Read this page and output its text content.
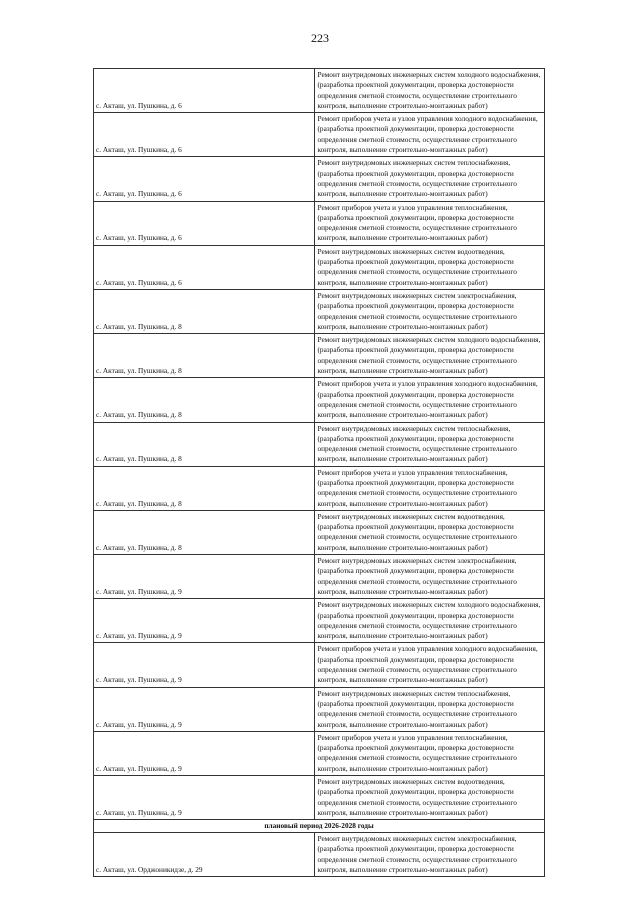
223
с. Акташ, ул. Пушкина, д. 6	Ремонт внутридомовых инженерных систем холодного водоснабжения, (разработка проектной документации, проверка достоверности определения сметной стоимости, осуществление строительного контроля, выполнение строительно-монтажных работ)
с. Акташ, ул. Пушкина, д. 6	Ремонт приборов учета и узлов управления холодного водоснабжения, (разработка проектной документации, проверка достоверности определения сметной стоимости, осуществление строительного контроля, выполнение строительно-монтажных работ)
с. Акташ, ул. Пушкина, д. 6	Ремонт внутридомовых инженерных систем теплоснабжения, (разработка проектной документации, проверка достоверности определения сметной стоимости, осуществление строительного контроля, выполнение строительно-монтажных работ)
с. Акташ, ул. Пушкина, д. 6	Ремонт приборов учета и узлов управления теплоснабжения, (разработка проектной документации, проверка достоверности определения сметной стоимости, осуществление строительного контроля, выполнение строительно-монтажных работ)
с. Акташ, ул. Пушкина, д. 6	Ремонт внутридомовых инженерных систем водоотведения, (разработка проектной документации, проверка достоверности определения сметной стоимости, осуществление строительного контроля, выполнение строительно-монтажных работ)
с. Акташ, ул. Пушкина, д. 8	Ремонт внутридомовых инженерных систем электроснабжения, (разработка проектной документации, проверка достоверности определения сметной стоимости, осуществление строительного контроля, выполнение строительно-монтажных работ)
с. Акташ, ул. Пушкина, д. 8	Ремонт внутридомовых инженерных систем холодного водоснабжения, (разработка проектной документации, проверка достоверности определения сметной стоимости, осуществление строительного контроля, выполнение строительно-монтажных работ)
с. Акташ, ул. Пушкина, д. 8	Ремонт приборов учета и узлов управления холодного водоснабжения, (разработка проектной документации, проверка достоверности определения сметной стоимости, осуществление строительного контроля, выполнение строительно-монтажных работ)
с. Акташ, ул. Пушкина, д. 8	Ремонт внутридомовых инженерных систем теплоснабжения, (разработка проектной документации, проверка достоверности определения сметной стоимости, осуществление строительного контроля, выполнение строительно-монтажных работ)
с. Акташ, ул. Пушкина, д. 8	Ремонт приборов учета и узлов управления теплоснабжения, (разработка проектной документации, проверка достоверности определения сметной стоимости, осуществление строительного контроля, выполнение строительно-монтажных работ)
с. Акташ, ул. Пушкина, д. 8	Ремонт внутридомовых инженерных систем водоотведения, (разработка проектной документации, проверка достоверности определения сметной стоимости, осуществление строительного контроля, выполнение строительно-монтажных работ)
с. Акташ, ул. Пушкина, д. 9	Ремонт внутридомовых инженерных систем электроснабжения, (разработка проектной документации, проверка достоверности определения сметной стоимости, осуществление строительного контроля, выполнение строительно-монтажных работ)
с. Акташ, ул. Пушкина, д. 9	Ремонт внутридомовых инженерных систем холодного водоснабжения, (разработка проектной документации, проверка достоверности определения сметной стоимости, осуществление строительного контроля, выполнение строительно-монтажных работ)
с. Акташ, ул. Пушкина, д. 9	Ремонт приборов учета и узлов управления холодного водоснабжения, (разработка проектной документации, проверка достоверности определения сметной стоимости, осуществление строительного контроля, выполнение строительно-монтажных работ)
с. Акташ, ул. Пушкина, д. 9	Ремонт внутридомовых инженерных систем теплоснабжения, (разработка проектной документации, проверка достоверности определения сметной стоимости, осуществление строительного контроля, выполнение строительно-монтажных работ)
с. Акташ, ул. Пушкина, д. 9	Ремонт приборов учета и узлов управления теплоснабжения, (разработка проектной документации, проверка достоверности определения сметной стоимости, осуществление строительного контроля, выполнение строительно-монтажных работ)
с. Акташ, ул. Пушкина, д. 9	Ремонт внутридомовых инженерных систем водоотведения, (разработка проектной документации, проверка достоверности определения сметной стоимости, осуществление строительного контроля, выполнение строительно-монтажных работ)
плановый период 2026-2028 годы	
с. Акташ, ул. Орджоникидзе, д. 29	Ремонт внутридомовых инженерных систем электроснабжения, (разработка проектной документации, проверка достоверности определения сметной стоимости, осуществление строительного контроля, выполнение строительно-монтажных работ)
